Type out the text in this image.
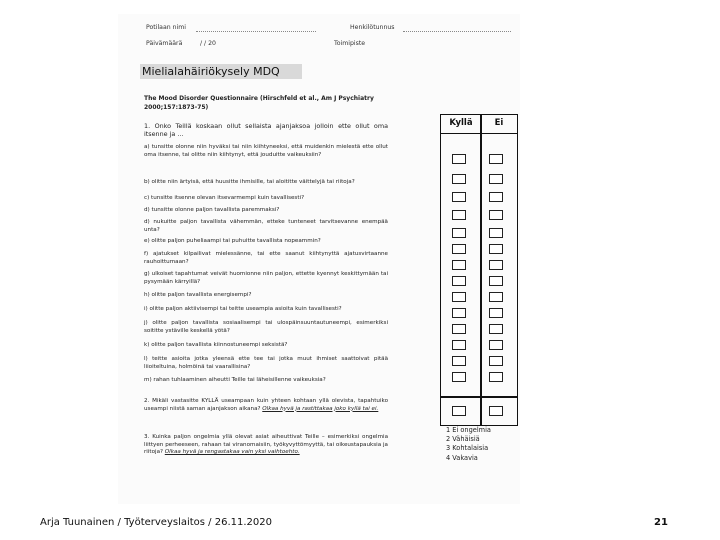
Potilaan nimi	Henkilötunnus
Päivämäärä	/ / 20	Toimipiste
Mielialahäiriökysely MDQ
The Mood Disorder Questionnaire (Hirschfeld et al., Am J Psychiatry 2000;157:1873-75)
1. Onko Teillä koskaan ollut sellaista ajanjaksoa jolloin ette ollut oma itsenne ja ...
a) tunsitte olonne niin hyväksi tai niin kiihtyneeksi, että muidenkin mielestä ette ollut oma itsenne, tai olitte niin kiihtynyt, että jouduitte vaikeuksiin?
b) olitte niin ärtyisä, että huusitte ihmisille, tai aloititte väittelyjä tai riitoja?
c) tunsitte itsenne olevan itsevarmempi kuin tavallisesti?
d) tunsitte olonne paljon tavallista paremmaksi?
d) nukuitte paljon tavallista vähemmän, etteke tunteneet tarvitsevanne enempää unta?
e) olitte paljon puheliaampi tai puhuitte tavallista nopeammin?
f) ajatukset kilpailivat mielessänne, tai ette saanut kiihtynyttä ajatusvirtaanne rauhoittumaan?
g) ulkoiset tapahtumat veivät huomionne niin paljon, ettette kyennyt keskittymään tai pysymään kärryillä?
h) olitte paljon tavallista energisempi?
i) olitte paljon aktiivisempi tai teitte useampia asioita kuin tavallisesti?
j) olitte paljon tavallista sosiaalisempi tai ulospäinsuuntautuneempi, esimerkiksi soititte ystäville keskellä yötä?
k) olitte paljon tavallista kiinnostuneempi seksistä?
l) teitte asioita jotka yleensä ette tee tai jotka muut ihmiset saattoivat pitää liioiteltuina, holmöinä tai vaarallisina?
m) rahan tuhlaaminen aiheutti Teille tai läheisillenne vaikeuksia?
2. Mikäli vastasitte KYLLÄ useampaan kuin yhteen kohtaan yllä olevista, tapahtuiko useampi niistä saman ajanjakson aikana? Olkaa hyvä ja rastittakaa joko kyllä tai ei.
3. Kuinka paljon ongelmia yllä olevat asiat aiheuttivat Teille – esimerkiksi ongelmia liittyen perheeseen, rahaan tai viranomaisiin, työkyvyttömyyttä, tai oikeustapauksia ja riitoja? Olkaa hyvä ja rengastakaa vain yksi vaihtoehto.
Kyllä	Ei
1 Ei ongelmia
2 Vähäisiä
3 Kohtalaisia
4 Vakavia
Arja Tuunainen / Työterveyslaitos / 26.11.2020	21
